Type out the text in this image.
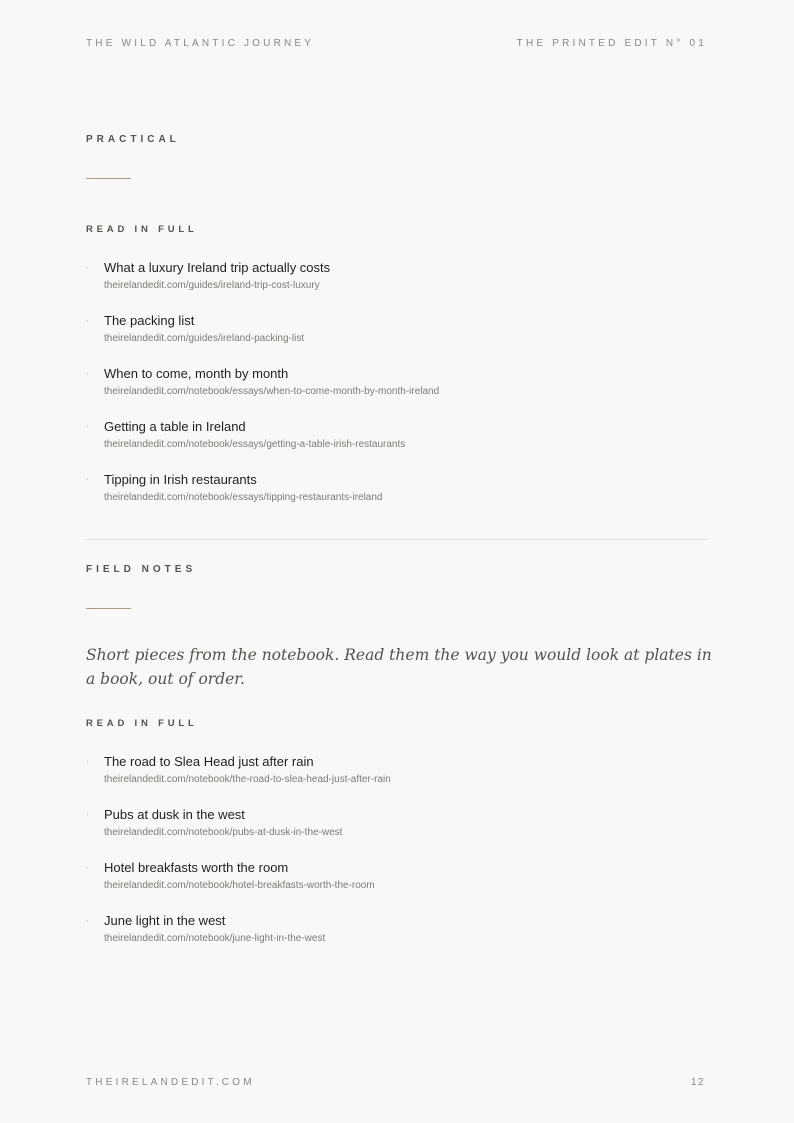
THE WILD ATLANTIC JOURNEY	THE PRINTED EDIT N° 01
PRACTICAL
READ IN FULL
· What a luxury Ireland trip actually costs
theirelandedit.com/guides/ireland-trip-cost-luxury
· The packing list
theirelandedit.com/guides/ireland-packing-list
· When to come, month by month
theirelandedit.com/notebook/essays/when-to-come-month-by-month-ireland
· Getting a table in Ireland
theirelandedit.com/notebook/essays/getting-a-table-irish-restaurants
· Tipping in Irish restaurants
theirelandedit.com/notebook/essays/tipping-restaurants-ireland
FIELD NOTES

Short pieces from the notebook. Read them the way you would look at plates in a book, out of order.

READ IN FULL
· The road to Slea Head just after rain
theirelandedit.com/notebook/the-road-to-slea-head-just-after-rain
· Pubs at dusk in the west
theirelandedit.com/notebook/pubs-at-dusk-in-the-west
· Hotel breakfasts worth the room
theirelandedit.com/notebook/hotel-breakfasts-worth-the-room
· June light in the west
theirelandedit.com/notebook/june-light-in-the-west
THEIRELANDEDIT.COM	12
